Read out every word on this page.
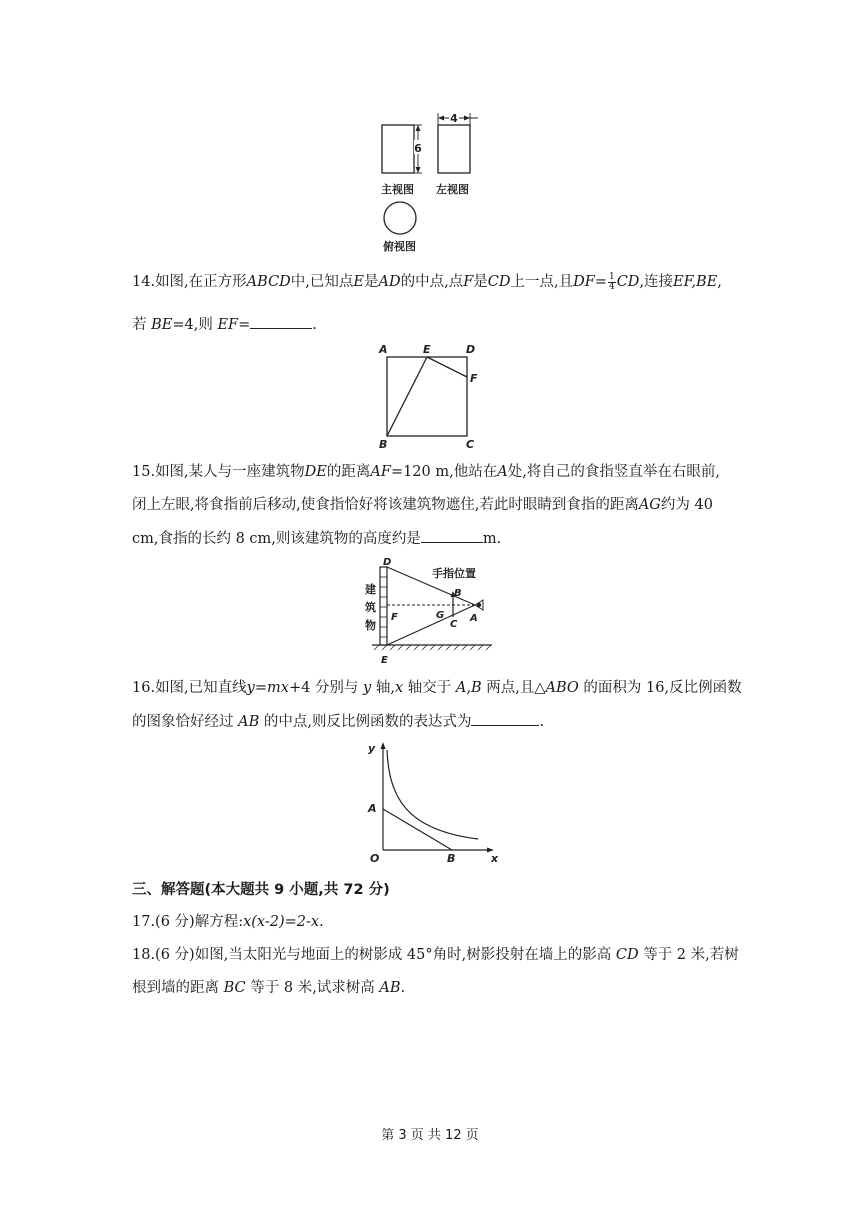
6
4
主视图 左视图
俯视图
14.如图,在正方形ABCD中,已知点E是AD的中点,点F是CD上一点,且$DF= \frac{1}{4}$ CD,连接EF,BE,
若 BE=4,则 EF=	.
A	E	D
F
B	C
15.如图,某人与一座建筑物DE的距离AF=120 m,他站在A处,将自己的食指竖直举在右眼前,
闭上左眼,将食指前后移动,使食指恰好将该建筑物遮住,若此时眼睛到食指的距离AG约为 40
cm,食指的长约 8 cm,则该建筑物的高度约是	m.
D
E
F	G
B
C
A
手指位置
建
筑
物
16.如图,已知直线y=mx+4 分别与 y 轴,x 轴交于 A,B 两点,且△ABO 的面积为 16,反比例函数
的图象恰好经过 AB 的中点,则反比例函数的表达式为	.
y
A
O	B	x
三、解答题(本大题共 9 小题,共 72 分)
17.(6 分)解方程:x(x-2)=2-x.
18.(6 分)如图,当太阳光与地面上的树影成 45°角时,树影投射在墙上的影高 CD 等于 2 米,若树
根到墙的距离 BC 等于 8 米,试求树高 AB.
第 3 页 共 12 页
